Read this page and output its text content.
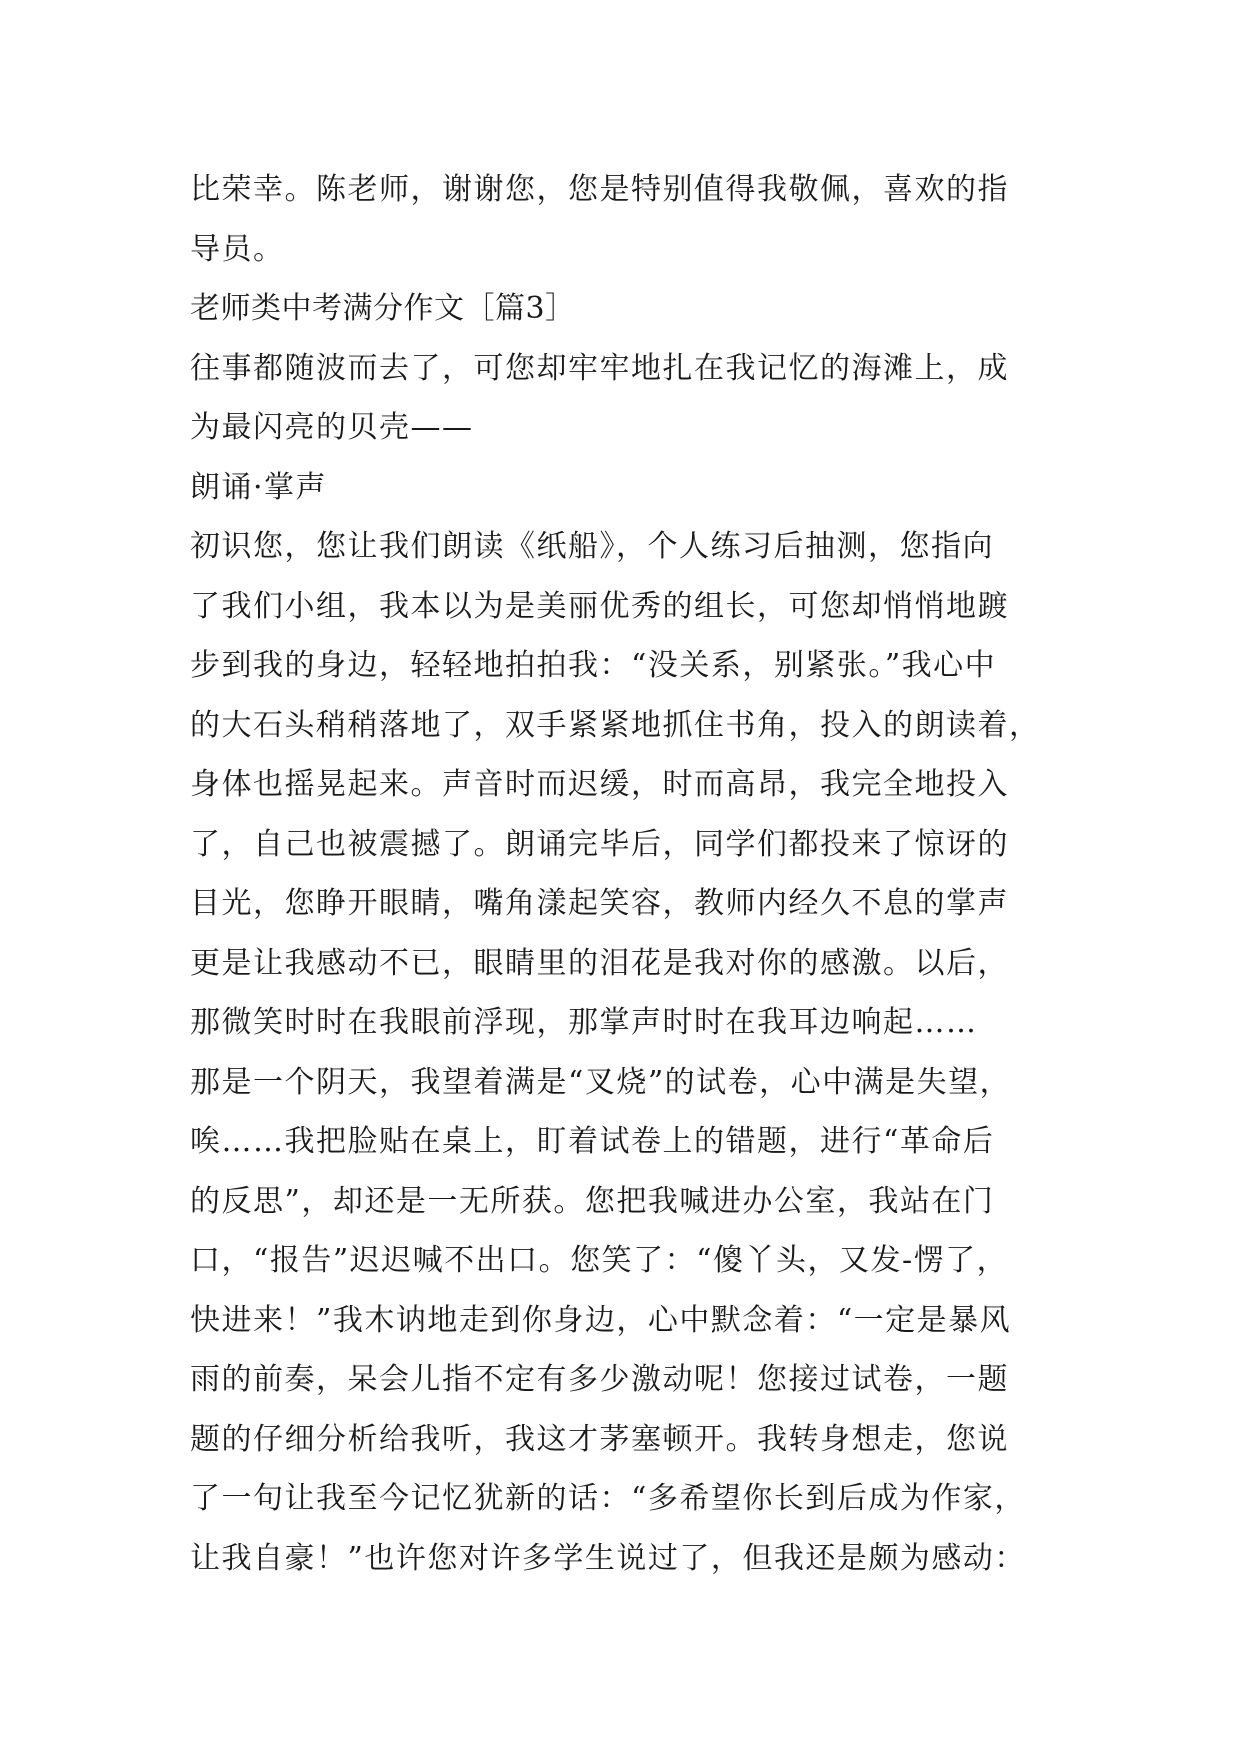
比荣幸。陈老师，谢谢您，您是特别值得我敬佩，喜欢的指
导员。
老师类中考满分作文［篇3］
往事都随波而去了，可您却牢牢地扎在我记忆的海滩上，成
为最闪亮的贝壳——
朗诵·掌声
初识您，您让我们朗读《纸船》，个人练习后抽测，您指向
了我们小组，我本以为是美丽优秀的组长，可您却悄悄地踱
步到我的身边，轻轻地拍拍我：“没关系，别紧张。”我心中
的大石头稍稍落地了，双手紧紧地抓住书角，投入的朗读着，
身体也摇晃起来。声音时而迟缓，时而高昂，我完全地投入
了，自己也被震撼了。朗诵完毕后，同学们都投来了惊讶的
目光，您睁开眼睛，嘴角漾起笑容，教师内经久不息的掌声
更是让我感动不已，眼睛里的泪花是我对你的感激。以后，
那微笑时时在我眼前浮现，那掌声时时在我耳边响起……
那是一个阴天，我望着满是“叉烧”的试卷，心中满是失望，
唉……我把脸贴在桌上，盯着试卷上的错题，进行“革命后
的反思”，却还是一无所获。您把我喊进办公室，我站在门
口，“报告”迟迟喊不出口。您笑了：“傻丫头，又发-愣了，
快进来！”我木讷地走到你身边，心中默念着：“一定是暴风
雨的前奏，呆会儿指不定有多少激动呢！您接过试卷，一题
题的仔细分析给我听，我这才茅塞顿开。我转身想走，您说
了一句让我至今记忆犹新的话：“多希望你长到后成为作家，
让我自豪！”也许您对许多学生说过了，但我还是颇为感动：
